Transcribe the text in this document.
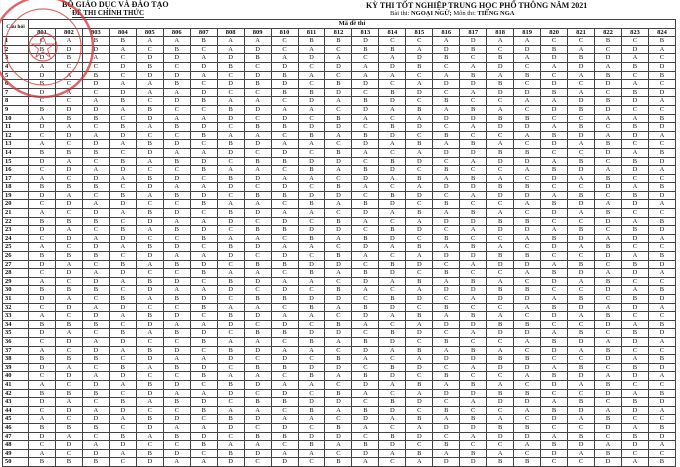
BỘ GIÁO DỤC VÀ ĐÀO TẠO
ĐỀ THI CHÍNH THỨC
KỲ THI TỐT NGHIỆP TRUNG HỌC PHỔ THÔNG NĂM 2021
Bài thi: NGOẠI NGỮ; Môn thi: TIẾNG NGA
Câu hỏi	Mã đề thi																							
	801	802	803	804	805	806	807	808	809	810	811	812	813	814	815	816	817	818	819	820	821	822	823	824
1	C	A	B	B	A	A	B	A	A	C	B	B	D	C	C	A	D	A	A	C	C	B	C	B
2	B	D	D	A	C	B	C	A	D	C	A	C	B	B	A	D	B	C	D	B	A	C	D	A
3	D	B	A	C	D	D	A	D	B	A	D	A	C	A	D	B	C	B	A	D	B	D	A	C
4	A	C	C	D	B	C	D	B	C	D	C	D	A	D	B	C	A	D	C	A	D	A	B	D
5	D	A	B	C	D	D	A	C	D	B	A	C	A	A	C	A	B	A	B	C	A	B	C	B
6	B	C	D	A	A	B	C	D	B	D	C	B	D	C	A	D	D	B	C	D	C	D	A	C
7	D	A	C	D	A	A	D	C	C	B	B	D	C	B	D	C	A	D	D	B	A	C	B	D
8	C	C	A	B	C	D	B	A	A	C	D	A	B	D	C	B	C	C	A	A	D	B	D	A
9	B	D	D	A	B	C	C	B	D	A	A	C	D	A	B	A	B	A	C	D	B	D	C	C
10	A	B	B	C	D	A	A	D	C	D	C	B	A	C	A	D	D	B	B	C	C	A	A	B
11	D	A	C	B	A	B	D	C	B	B	D	D	C	B	D	C	A	D	D	A	B	C	B	D
12	C	D	A	D	C	C	B	A	A	C	B	A	B	D	C	B	C	C	A	B	D	A	D	A
13	A	C	D	A	B	D	C	B	D	A	A	C	D	A	B	A	B	A	C	D	A	B	C	C
14	B	B	B	C	D	A	A	D	C	D	C	B	A	C	A	D	D	B	B	C	C	D	A	B
15	D	A	C	B	A	B	D	C	B	B	D	D	C	B	D	C	A	D	D	A	B	C	B	D
16	C	D	A	D	C	C	B	A	A	C	B	A	B	D	C	B	C	C	A	B	D	A	D	A
17	A	C	D	A	B	D	C	B	D	A	A	C	D	A	B	A	B	A	C	D	A	B	C	C
18	B	B	B	C	D	A	A	D	C	D	C	B	A	C	A	D	D	B	B	C	C	D	A	B
19	D	A	C	B	A	B	D	C	B	B	D	D	C	B	D	C	A	D	D	A	B	C	B	D
20	C	D	A	D	C	C	B	A	A	C	B	A	B	D	C	B	C	C	A	B	D	A	D	A
21	A	C	D	A	B	D	C	B	D	A	A	C	D	A	B	A	B	A	C	D	A	B	C	C
22	B	B	B	C	D	A	A	D	C	D	C	B	A	C	A	D	D	B	B	C	C	D	A	B
23	D	A	C	B	A	B	D	C	B	B	D	D	C	B	D	C	A	D	D	A	B	C	B	D
24	C	D	A	D	C	C	B	A	A	C	B	A	B	D	C	B	C	C	A	B	D	A	D	A
25	A	C	D	A	B	D	C	B	D	A	A	C	D	A	B	A	B	A	C	D	A	B	C	C
26	B	B	B	C	D	A	A	D	C	D	C	B	A	C	A	D	D	B	B	C	C	D	A	B
27	D	A	C	B	A	B	D	C	B	B	D	D	C	B	D	C	A	D	D	A	B	C	B	D
28	C	D	A	D	C	C	B	A	A	C	B	A	B	D	C	B	C	C	A	B	D	A	D	A
29	A	C	D	A	B	D	C	B	D	A	A	C	D	A	B	A	B	A	C	D	A	B	C	C
30	B	B	B	C	D	A	A	D	C	D	C	B	A	C	A	D	D	B	B	C	C	D	A	B
31	D	A	C	B	A	B	D	C	B	B	D	D	C	B	D	C	A	D	D	A	B	C	B	D
32	C	D	A	D	C	C	B	A	A	C	B	A	B	D	C	B	C	C	A	B	D	A	D	A
33	A	C	D	A	B	D	C	B	D	A	A	C	D	A	B	A	B	A	C	D	A	B	C	C
34	B	B	B	C	D	A	A	D	C	D	C	B	A	C	A	D	D	B	B	C	C	D	A	B
35	D	A	C	B	A	B	D	C	B	B	D	D	C	B	D	C	A	D	D	A	B	C	B	D
36	C	D	A	D	C	C	B	A	A	C	B	A	B	D	C	B	C	C	A	B	D	A	D	A
37	A	C	D	A	B	D	C	B	D	A	A	C	D	A	B	A	B	A	C	D	A	B	C	C
38	B	B	B	C	D	A	A	D	C	D	C	B	A	C	A	D	D	B	B	C	C	D	A	B
39	D	A	C	B	A	B	D	C	B	B	D	D	C	B	D	C	A	D	D	A	B	C	B	D
40	C	D	A	D	C	C	B	A	A	C	B	A	B	D	C	B	C	C	A	B	D	A	D	A
41	A	C	D	A	B	D	C	B	D	A	A	C	D	A	B	A	B	A	C	D	A	B	C	C
42	B	B	B	C	D	A	A	D	C	D	C	B	A	C	A	D	D	B	B	C	C	D	A	B
43	D	A	C	B	A	B	D	C	B	B	D	D	C	B	D	C	A	D	D	A	B	C	B	D
44	C	D	A	D	C	C	B	A	A	C	B	A	B	D	C	B	C	C	A	B	D	A	D	A
45	A	C	D	A	B	D	C	B	D	A	A	C	D	A	B	A	B	A	C	D	A	B	C	C
46	B	B	B	C	D	A	A	D	C	D	C	B	A	C	A	D	D	B	B	C	C	D	A	B
47	D	A	C	B	A	B	D	C	B	B	D	D	C	B	D	C	A	D	D	A	B	C	B	D
48	C	D	A	D	C	C	B	A	A	C	B	A	B	D	C	B	C	C	A	B	D	A	D	A
49	A	C	D	A	B	D	C	B	D	A	A	C	D	A	B	A	B	A	C	D	A	B	C	C
50	B	B	B	C	D	A	A	D	C	D	C	B	A	C	A	D	D	B	B	C	C	D	A	B
